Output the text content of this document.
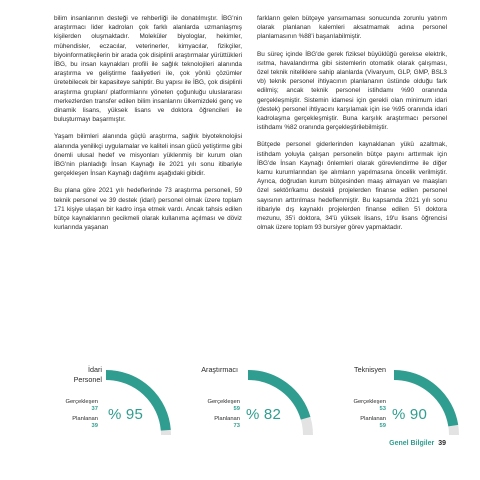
bilim insanlarının desteği ve rehberliği ile donatılmıştır. İBG'nin araştırmacı lider kadroları çok farklı alanlarda uzmanlaşmış kişilerden oluşmaktadır. Moleküler biyologlar, hekimler, mühendisler, eczacılar, veterinerler, kimyacılar, fizikçiler, biyoinformatikçilerin bir arada çok disiplinli araştırmalar yürüttükleri İBG, bu insan kaynakları profili ile sağlık teknolojileri alanında araştırma ve geliştirme faaliyetleri ile, çok yönlü çözümler üretebilecek bir kapasiteye sahiptir. Bu yapısı ile İBG, çok disiplinli araştırma grupları/ platformlarını yöneten çoğunluğu uluslararası merkezlerden transfer edilen bilim insanlarını ülkemizdeki genç ve dinamik lisans, yüksek lisans ve doktora öğrencileri ile buluşturmayı başarmıştır.

Yaşam bilimleri alanında güçlü araştırma, sağlık biyoteknolojisi alanında yenilikçi uygulamalar ve kaliteli insan gücü yetiştirme gibi önemli ulusal hedef ve misyonları yüklenmiş bir kurum olan İBG'nin planladığı İnsan Kaynağı ile 2021 yılı sonu itibariyle gerçekleşen İnsan Kaynağı dağılımı aşağıdaki gibidir.

Bu plana göre 2021 yılı hedeflerinde 73 araştırma personeli, 59 teknik personel ve 39 destek (idari) personel olmak üzere toplam 171 kişiye ulaşan bir kadro inşa etmek vardı. Ancak tahsis edilen bütçe kaynaklarının gecikmeli olarak kullanıma açılması ve döviz kurlarında yaşanan

farkların gelen bütçeye yansımaması sonucunda zorunlu yatırım olarak planlanan kalemleri aksatmamak adına personel planlamasının %88'i başarılabilmiştir.

Bu süreç içinde İBG'de gerek fiziksel büyüklüğü gerekse elektrik, ısıtma, havalandırma gibi sistemlerin otomatik olarak çalışması, özel teknik niteliklere sahip alanlarda (Vivaryum, GLP, GMP, BSL3 vb) teknik personel ihtiyacının planlananın üstünde olduğu fark edilmiş; ancak teknik personel istihdamı %90 oranında gerçekleşmiştir. Sistemin idamesi için gerekli olan minimum idari (destek) personel ihtiyacını karşılamak için ise %95 oranında idari kadrolaşma gerçekleşmiştir. Buna karşılık araştırmacı personel istihdamı %82 oranında gerçekleştirilebilmiştir.

Bütçede personel giderlerinden kaynaklanan yükü azaltmak, istihdam yoluyla çalışan personelin bütçe payını arttırmak için İBG'de İnsan Kaynağı önlemleri olarak görevlendirme ile diğer kamu kurumlarından işe alımların yapılmasına öncelik verilmiştir. Ayrıca, doğrudan kurum bütçesinden maaş almayan ve maaşları özel sektör/kamu destekli projelerden finanse edilen personel sayısının arttırılması hedeflenmiştir. Bu kapsamda 2021 yılı sonu itibariyle dış kaynaklı projelerden finanse edilen 5'i doktora mezunu, 35'i doktora, 34'ü yüksek lisans, 19'u lisans öğrencisi olmak üzere toplam 93 bursiyer görev yapmaktadır.

İdari
Personel
Gerçekleşen
37
Planlanan
39
% 95
Araştırmacı
Gerçekleşen
59
Planlanan
73
% 82
Teknisyen
Gerçekleşen
53
Planlanan
59
% 90
Genel Bilgiler 39
